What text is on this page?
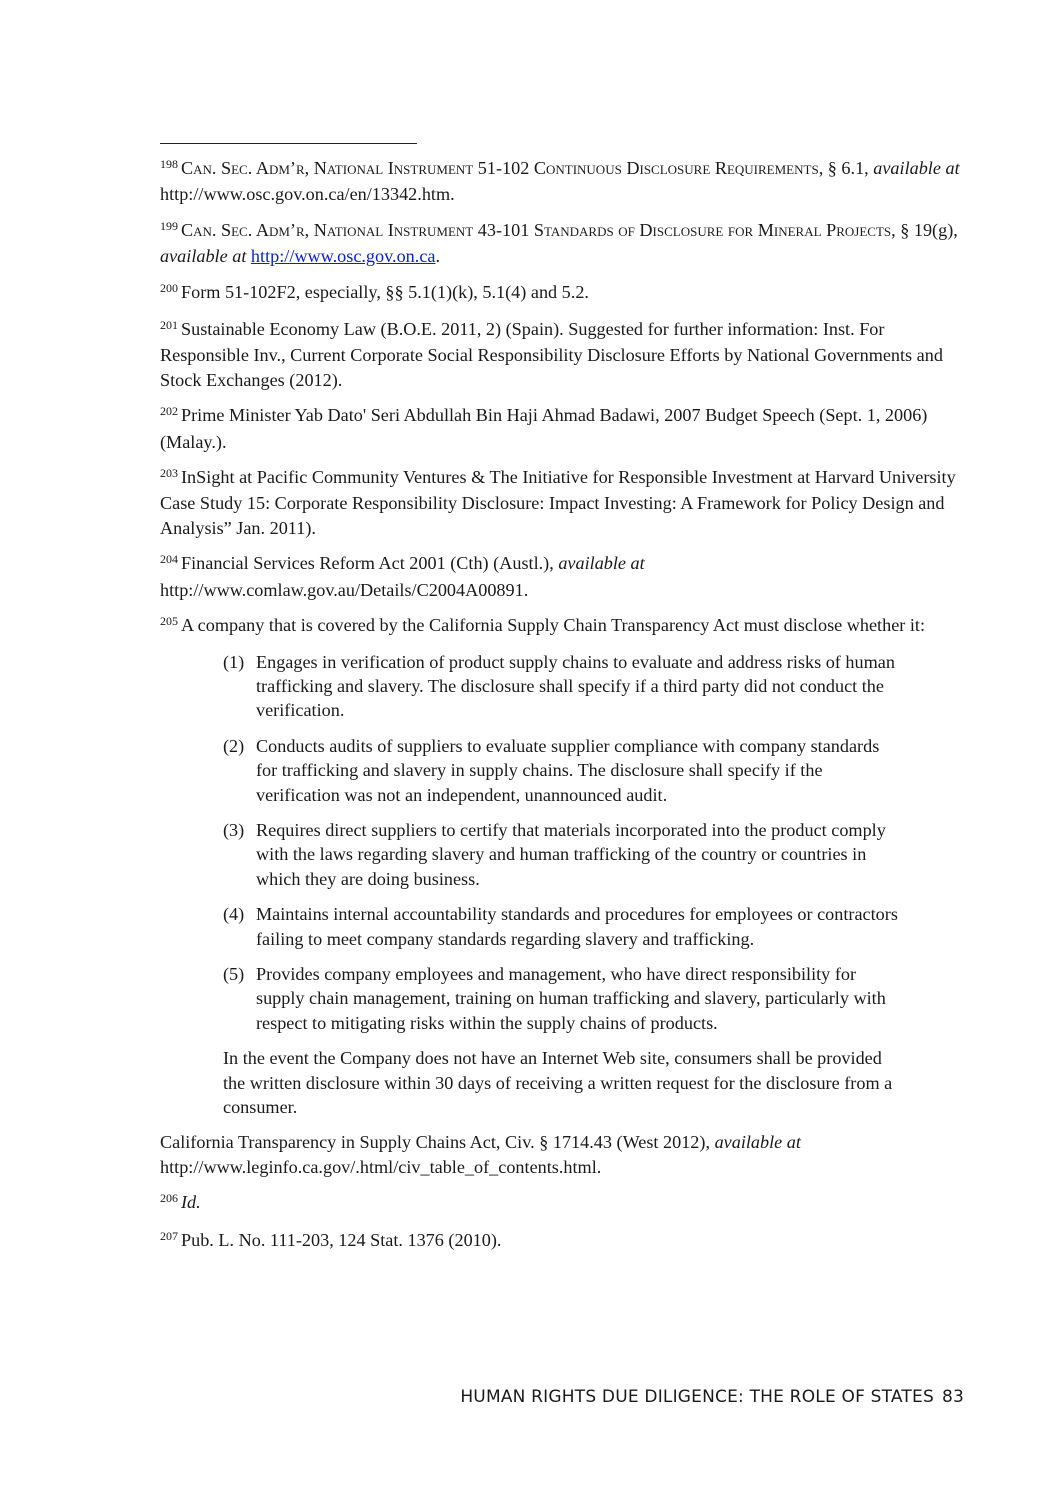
$^{198}$ Can. Sec. Adm’r, National Instrument 51-102 Continuous Disclosure Requirements, § 6.1, available at http://www.osc.gov.on.ca/en/13342.htm.

$^{199}$ Can. Sec. Adm’r, National Instrument 43-101 Standards of Disclosure for Mineral Projects, § 19(g), available at http://www.osc.gov.on.ca.

$^{200}$ Form 51-102F2, especially, §§ 5.1(1)(k), 5.1(4) and 5.2.

$^{201}$ Sustainable Economy Law (B.O.E. 2011, 2) (Spain). Suggested for further information: Inst. For Responsible Inv., Current Corporate Social Responsibility Disclosure Efforts by National Governments and Stock Exchanges (2012).

$^{202}$ Prime Minister Yab Dato' Seri Abdullah Bin Haji Ahmad Badawi, 2007 Budget Speech (Sept. 1, 2006) (Malay.).

$^{203}$ InSight at Pacific Community Ventures & The Initiative for Responsible Investment at Harvard University Case Study 15: Corporate Responsibility Disclosure: Impact Investing: A Framework for Policy Design and Analysis” Jan. 2011).

$^{204}$ Financial Services Reform Act 2001 (Cth) (Austl.), available at
http://www.comlaw.gov.au/Details/C2004A00891.

$^{205}$ A company that is covered by the California Supply Chain Transparency Act must disclose whether it:
(1) Engages in verification of product supply chains to evaluate and address risks of human trafficking and slavery. The disclosure shall specify if a third party did not conduct the verification.
(2) Conducts audits of suppliers to evaluate supplier compliance with company standards for trafficking and slavery in supply chains. The disclosure shall specify if the verification was not an independent, unannounced audit.
(3) Requires direct suppliers to certify that materials incorporated into the product comply with the laws regarding slavery and human trafficking of the country or countries in which they are doing business.
(4) Maintains internal accountability standards and procedures for employees or contractors failing to meet company standards regarding slavery and trafficking.
(5) Provides company employees and management, who have direct responsibility for supply chain management, training on human trafficking and slavery, particularly with respect to mitigating risks within the supply chains of products.
In the event the Company does not have an Internet Web site, consumers shall be provided the written disclosure within 30 days of receiving a written request for the disclosure from a consumer.
California Transparency in Supply Chains Act, Civ. § 1714.43 (West 2012), available at
http://www.leginfo.ca.gov/.html/civ_table_of_contents.html.

$^{206}$ Id.

$^{207}$ Pub. L. No. 111-203, 124 Stat. 1376 (2010).

HUMAN RIGHTS DUE DILIGENCE: THE ROLE OF STATES 83
